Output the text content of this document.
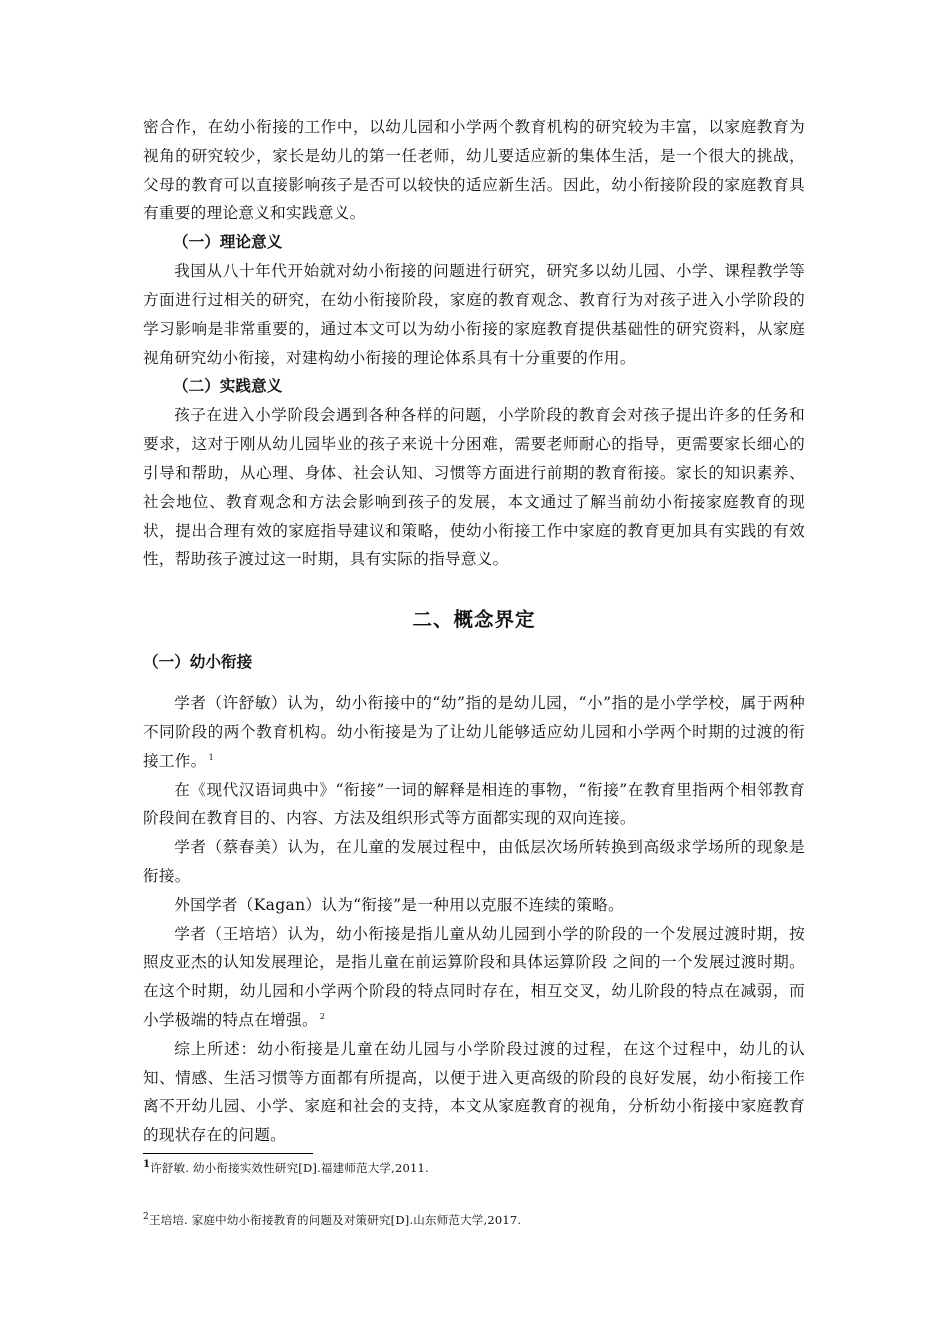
密合作，在幼小衔接的工作中，以幼儿园和小学两个教育机构的研究较为丰富，以家庭教育为视角的研究较少，家长是幼儿的第一任老师，幼儿要适应新的集体生活，是一个很大的挑战，父母的教育可以直接影响孩子是否可以较快的适应新生活。因此，幼小衔接阶段的家庭教育具有重要的理论意义和实践意义。

（一）理论意义

我国从八十年代开始就对幼小衔接的问题进行研究，研究多以幼儿园、小学、课程教学等方面进行过相关的研究，在幼小衔接阶段，家庭的教育观念、教育行为对孩子进入小学阶段的学习影响是非常重要的，通过本文可以为幼小衔接的家庭教育提供基础性的研究资料，从家庭视角研究幼小衔接，对建构幼小衔接的理论体系具有十分重要的作用。

（二）实践意义

孩子在进入小学阶段会遇到各种各样的问题，小学阶段的教育会对孩子提出许多的任务和要求，这对于刚从幼儿园毕业的孩子来说十分困难，需要老师耐心的指导，更需要家长细心的引导和帮助，从心理、身体、社会认知、习惯等方面进行前期的教育衔接。家长的知识素养、社会地位、教育观念和方法会影响到孩子的发展，本文通过了解当前幼小衔接家庭教育的现状，提出合理有效的家庭指导建议和策略，使幼小衔接工作中家庭的教育更加具有实践的有效性，帮助孩子渡过这一时期，具有实际的指导意义。

二、概念界定
（一）幼小衔接

学者（许舒敏）认为，幼小衔接中的“幼”指的是幼儿园，“小”指的是小学学校，属于两种不同阶段的两个教育机构。幼小衔接是为了让幼儿能够适应幼儿园和小学两个时期的过渡的衔接工作。 $^1$

在《现代汉语词典中》“衔接”一词的解释是相连的事物，“衔接”在教育里指两个相邻教育阶段间在教育目的、内容、方法及组织形式等方面都实现的双向连接。

学者（蔡春美）认为，在儿童的发展过程中，由低层次场所转换到高级求学场所的现象是衔接。

外国学者（Kagan）认为“衔接”是一种用以克服不连续的策略。

学者（王培培）认为，幼小衔接是指儿童从幼儿园到小学的阶段的一个发展过渡时期，按照皮亚杰的认知发展理论，是指儿童在前运算阶段和具体运算阶段 之间的一个发展过渡时期。在这个时期，幼儿园和小学两个阶段的特点同时存在，相互交叉，幼儿阶段的特点在减弱，而小学极端的特点在增强。 $^2$

综上所述：幼小衔接是儿童在幼儿园与小学阶段过渡的过程，在这个过程中，幼儿的认知、情感、生活习惯等方面都有所提高，以便于进入更高级的阶段的良好发展，幼小衔接工作离不开幼儿园、小学、家庭和社会的支持，本文从家庭教育的视角，分析幼小衔接中家庭教育的现状存在的问题。

1许舒敏. 幼小衔接实效性研究[D].福建师范大学,2011.
$^2$王培培. 家庭中幼小衔接教育的问题及对策研究[D].山东师范大学,2017.
